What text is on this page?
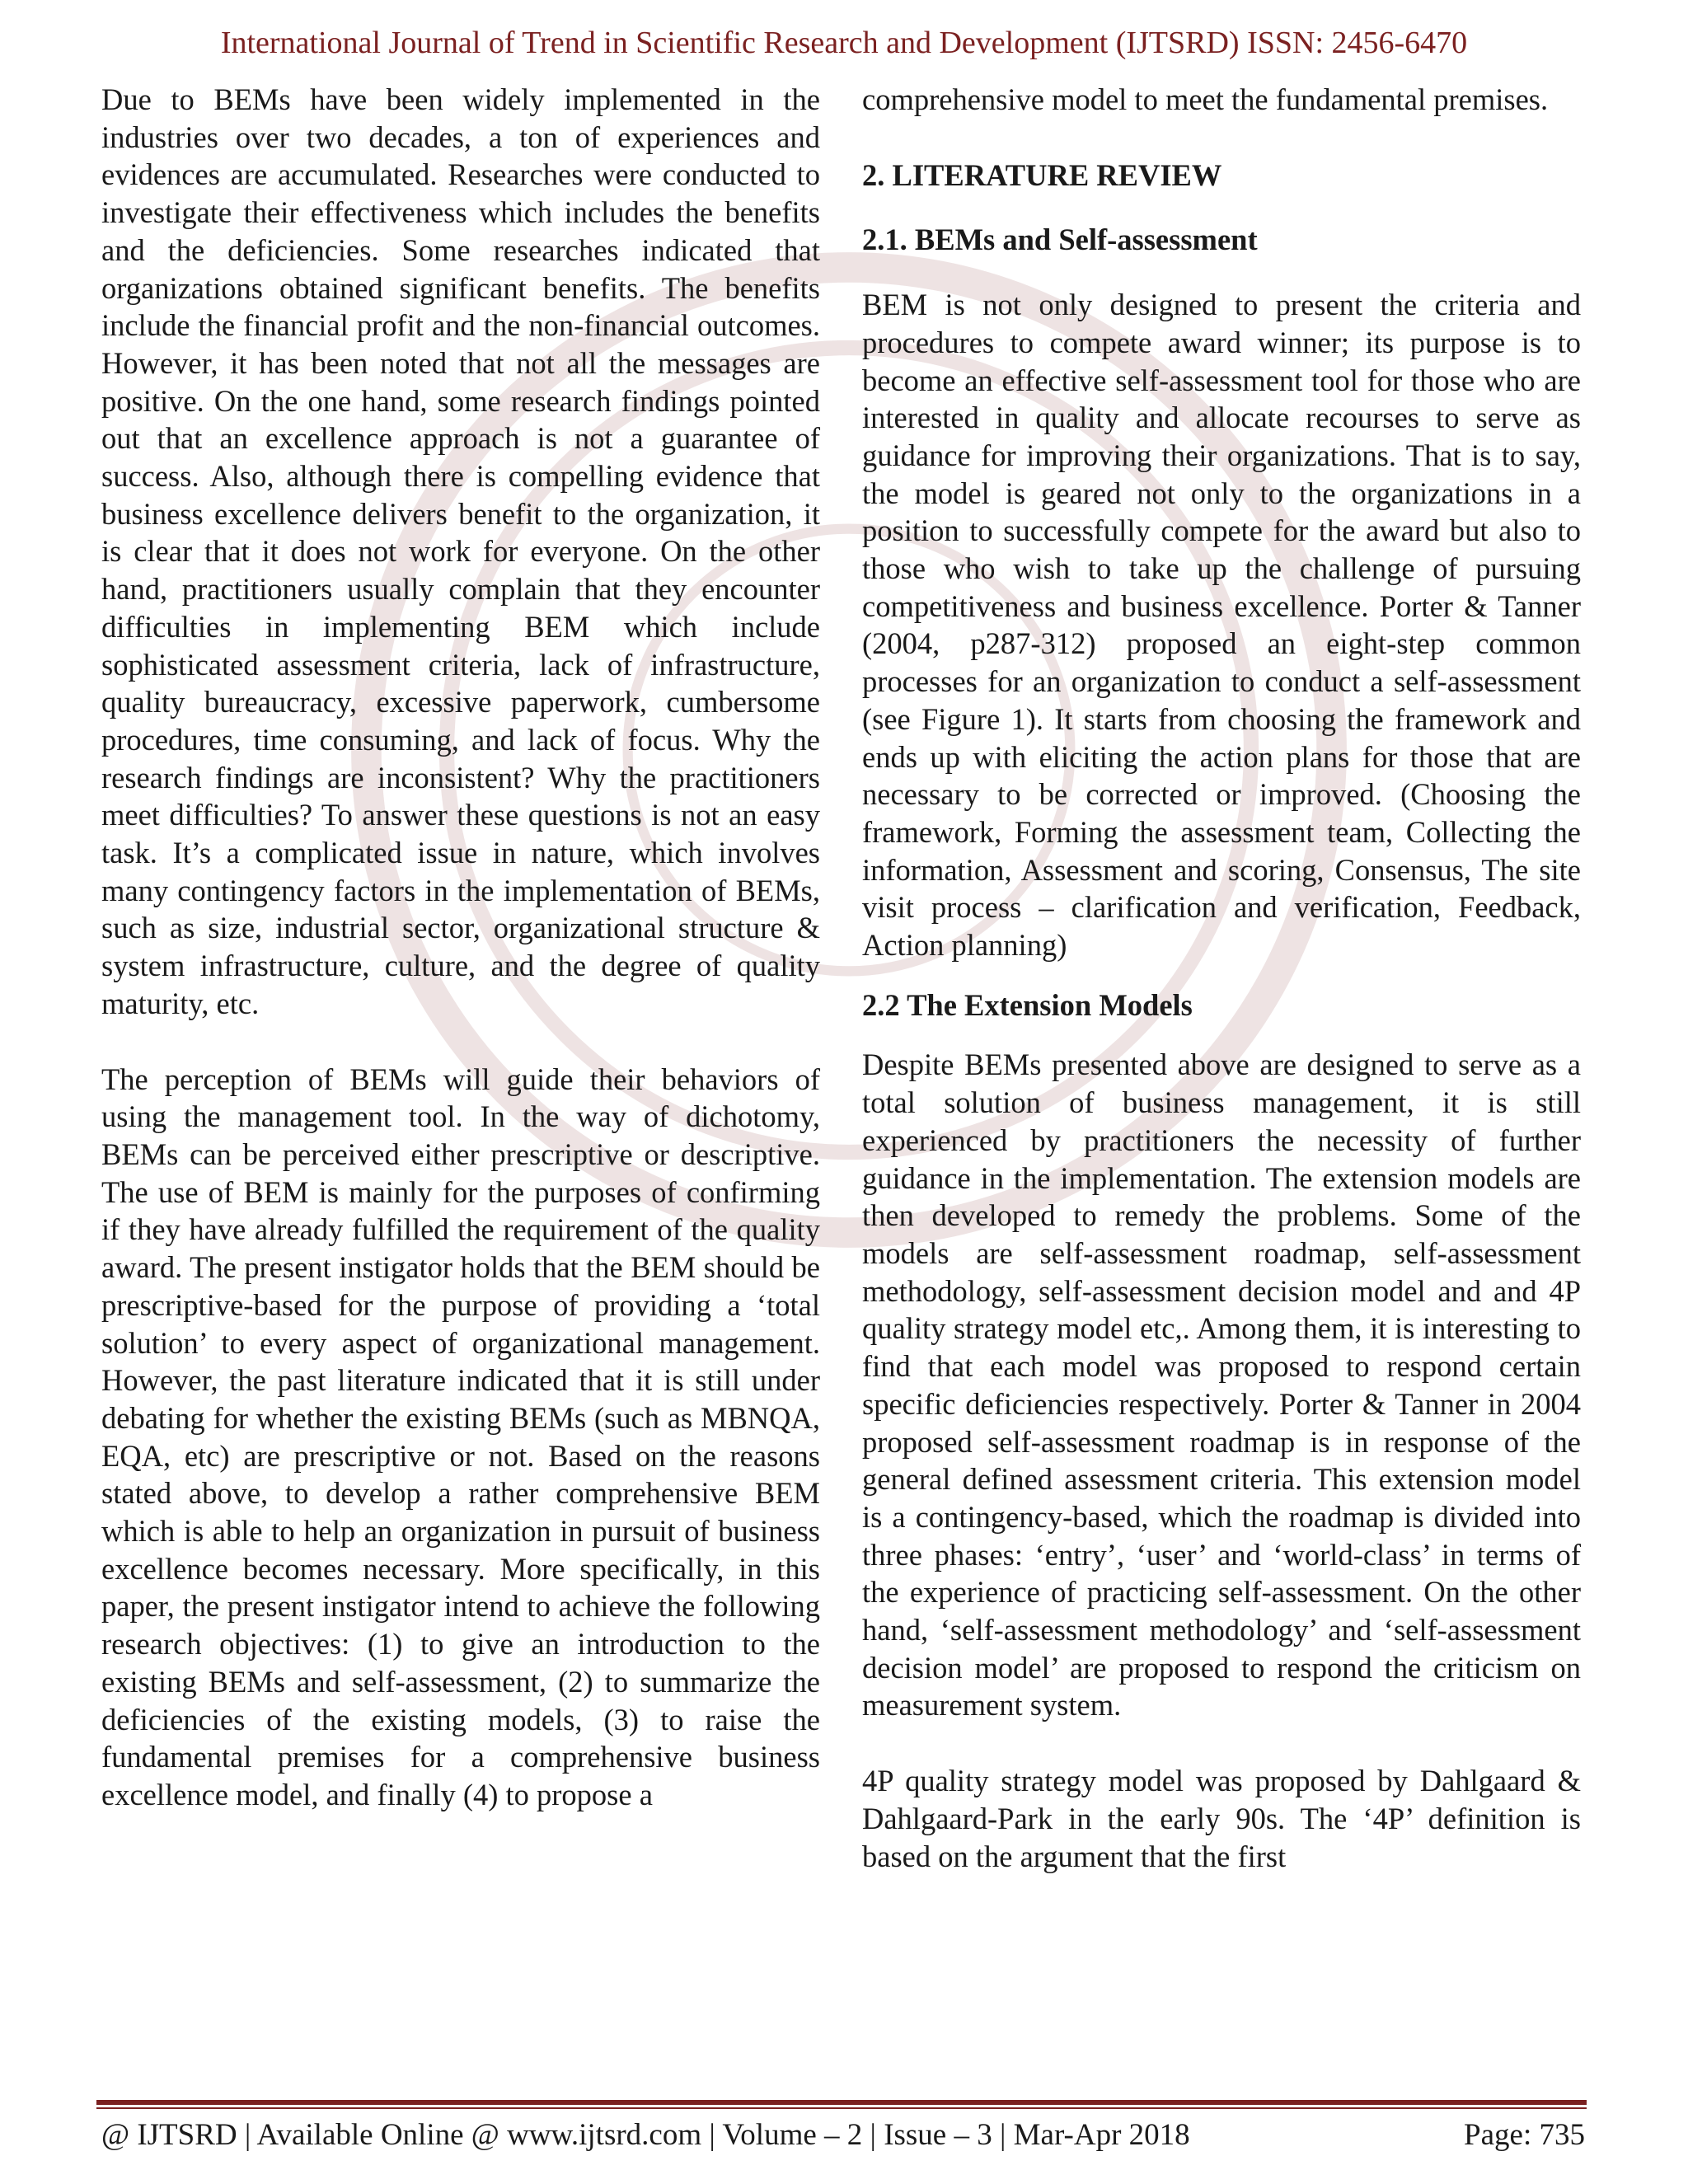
International Journal of Trend in Scientific Research and Development (IJTSRD) ISSN: 2456-6470

Due to BEMs have been widely implemented in the industries over two decades, a ton of experiences and evidences are accumulated. Researches were conducted to investigate their effectiveness which includes the benefits and the deficiencies. Some researches indicated that organizations obtained significant benefits. The benefits include the financial profit and the non-financial outcomes. However, it has been noted that not all the messages are positive. On the one hand, some research findings pointed out that an excellence approach is not a guarantee of success. Also, although there is compelling evidence that business excellence delivers benefit to the organization, it is clear that it does not work for everyone. On the other hand, practitioners usually complain that they encounter difficulties in implementing BEM which include sophisticated assessment criteria, lack of infrastructure, quality bureaucracy, excessive paperwork, cumbersome procedures, time consuming, and lack of focus. Why the research findings are inconsistent? Why the practitioners meet difficulties? To answer these questions is not an easy task. It’s a complicated issue in nature, which involves many contingency factors in the implementation of BEMs, such as size, industrial sector, organizational structure & system infrastructure, culture, and the degree of quality maturity, etc.

The perception of BEMs will guide their behaviors of using the management tool. In the way of dichotomy, BEMs can be perceived either prescriptive or descriptive. The use of BEM is mainly for the purposes of confirming if they have already fulfilled the requirement of the quality award. The present instigator holds that the BEM should be prescriptive-based for the purpose of providing a ‘total solution’ to every aspect of organizational management. However, the past literature indicated that it is still under debating for whether the existing BEMs (such as MBNQA, EQA, etc) are prescriptive or not. Based on the reasons stated above, to develop a rather comprehensive BEM which is able to help an organization in pursuit of business excellence becomes necessary. More specifically, in this paper, the present instigator intend to achieve the following research objectives: (1) to give an introduction to the existing BEMs and self-assessment, (2) to summarize the deficiencies of the existing models, (3) to raise the fundamental premises for a comprehensive business excellence model, and finally (4) to propose a

comprehensive model to meet the fundamental premises.

2. LITERATURE REVIEW

2.1. BEMs and Self-assessment

BEM is not only designed to present the criteria and procedures to compete award winner; its purpose is to become an effective self-assessment tool for those who are interested in quality and allocate recourses to serve as guidance for improving their organizations. That is to say, the model is geared not only to the organizations in a position to successfully compete for the award but also to those who wish to take up the challenge of pursuing competitiveness and business excellence. Porter & Tanner (2004, p287-312) proposed an eight-step common processes for an organization to conduct a self-assessment (see Figure 1). It starts from choosing the framework and ends up with eliciting the action plans for those that are necessary to be corrected or improved. (Choosing the framework, Forming the assessment team, Collecting the information, Assessment and scoring, Consensus, The site visit process – clarification and verification, Feedback, Action planning)

2.2 The Extension Models

Despite BEMs presented above are designed to serve as a total solution of business management, it is still experienced by practitioners the necessity of further guidance in the implementation. The extension models are then developed to remedy the problems. Some of the models are self-assessment roadmap, self-assessment methodology, self-assessment decision model and and 4P quality strategy model etc,. Among them, it is interesting to find that each model was proposed to respond certain specific deficiencies respectively. Porter & Tanner in 2004 proposed self-assessment roadmap is in response of the general defined assessment criteria. This extension model is a contingency-based, which the roadmap is divided into three phases: ‘entry’, ‘user’ and ‘world-class’ in terms of the experience of practicing self-assessment. On the other hand, ‘self-assessment methodology’ and ‘self-assessment decision model’ are proposed to respond the criticism on measurement system.

4P quality strategy model was proposed by Dahlgaard & Dahlgaard-Park in the early 90s. The ‘4P’ definition is based on the argument that the first

@ IJTSRD | Available Online @ www.ijtsrd.com | Volume – 2 | Issue – 3 | Mar-Apr 2018	Page: 735
